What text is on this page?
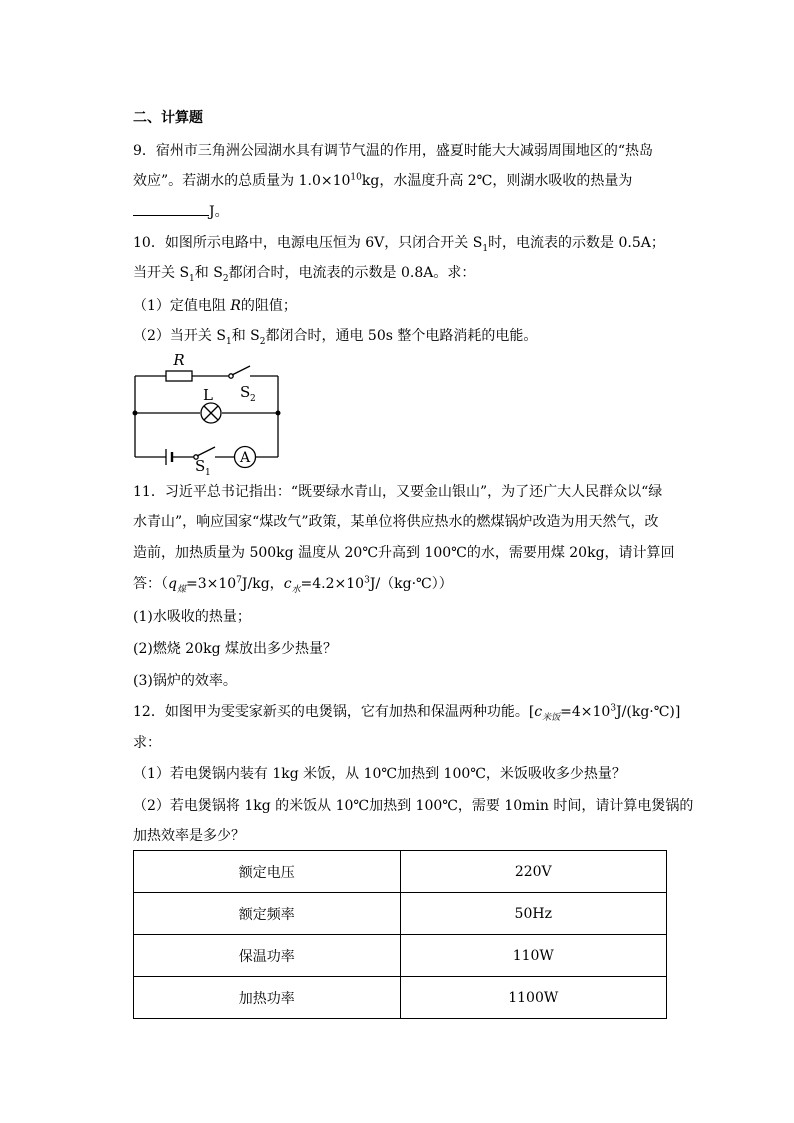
二、计算题
9．宿州市三角洲公园湖水具有调节气温的作用，盛夏时能大大减弱周围地区的“热岛
效应”。若湖水的总质量为 $1.0\times 10^{10}kg$，水温度升高 2℃，则湖水吸收的热量为
J。
10．如图所示电路中，电源电压恒为 6V，只闭合开关 $S_1$时，电流表的示数是 0.5A；
当开关 $S_1$和 $S_2$都闭合时，电流表的示数是 0.8A。求：
（1）定值电阻 R的阻值；
（2）当开关 $S_1$和 $S_2$都闭合时，通电 50s 整个电路消耗的电能。
R
L S 2
S 1
A
11．习近平总书记指出：“既要绿水青山，又要金山银山”，为了还广大人民群众以“绿
水青山”，响应国家“煤改气”政策，某单位将供应热水的燃煤锅炉改造为用天然气，改
造前，加热质量为 500kg 温度从 20℃升高到 100℃的水，需要用煤 20kg，请计算回
答：（$q_煤=3\times 10^7J/kg$，$c_水=4.2\times 10^3J/(kg\cdot℃)$）
(1)水吸收的热量；
(2)燃烧 20kg 煤放出多少热量？
(3)锅炉的效率。
12．如图甲为雯雯家新买的电煲锅，它有加热和保温两种功能。$[c_{米饭}=4\times 10^3J/(kg\cdot℃)]$
求：
（1）若电煲锅内装有 1kg 米饭，从 10℃加热到 100℃，米饭吸收多少热量？
（2）若电煲锅将 1kg 的米饭从 10℃加热到 100℃，需要 10min 时间，请计算电煲锅的
加热效率是多少？
额定电压	220V
额定频率	50Hz
保温功率	110W
加热功率	1100W
